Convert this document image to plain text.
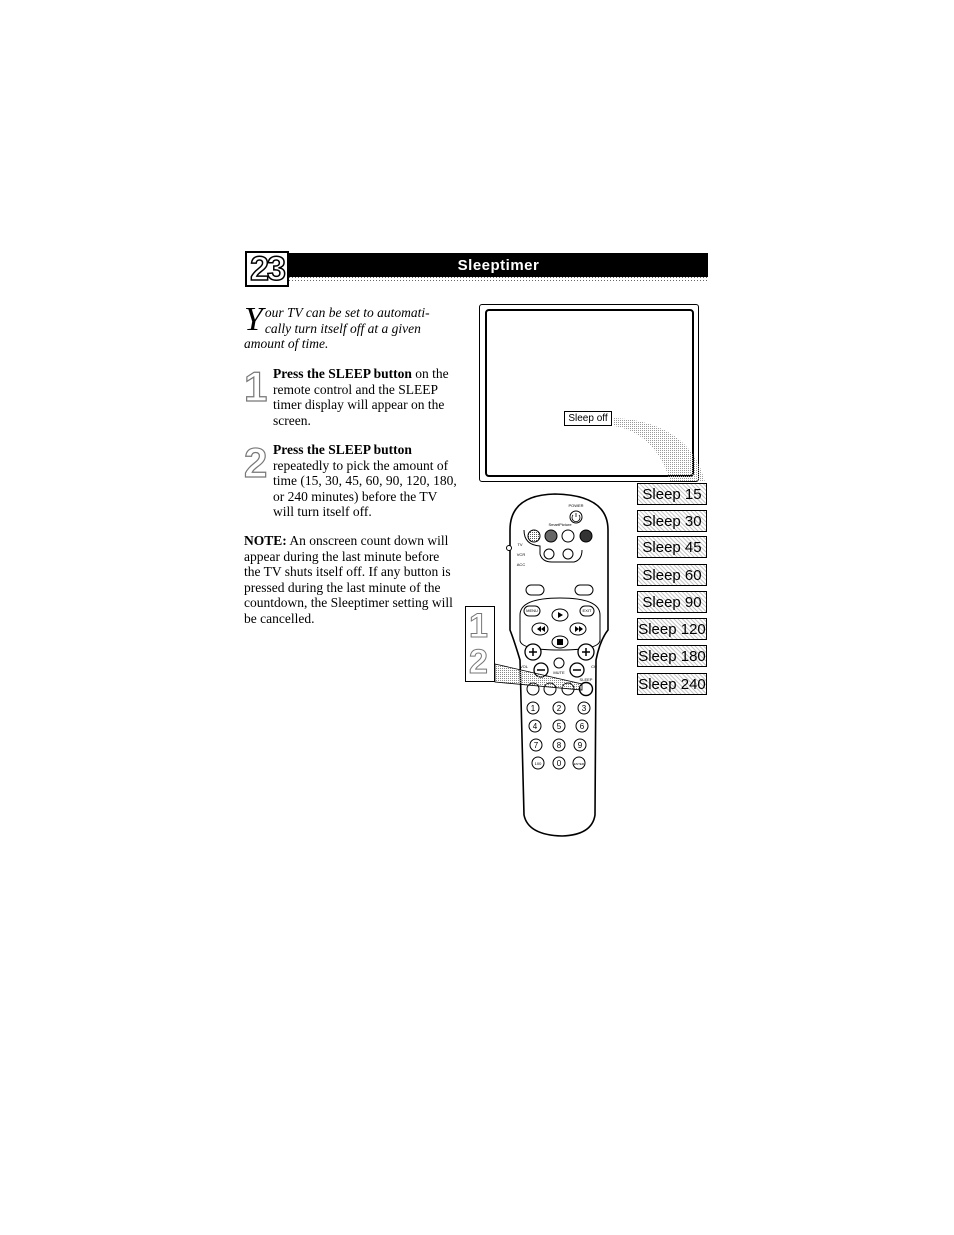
23	Sleeptimer
Your TV can be set to automati-cally turn itself off at a given amount of time.
1 Press the SLEEP button on the remote control and the SLEEP timer display will appear on the screen.
2 Press the SLEEP button repeatedly to pick the amount of time (15, 30, 45, 60, 90, 120, 180, or 240 minutes) before the TV will turn itself off.
NOTE: An onscreen count down will appear during the last minute before the TV shuts itself off. If any button is pressed during the last minute of the countdown, the Sleeptimer setting will be cancelled.
Sleep off
Sleep 15
Sleep 30
Sleep 45
Sleep 60
Sleep 90
Sleep 120
Sleep 180
Sleep 240
1	2	3
4 5 6
7 8 9
100 0	ENTER
POWER
SmartPicture
TV
VCR
ACC
MENU	EXIT
VOL	CH
MUTE
SLEEP
1
2
